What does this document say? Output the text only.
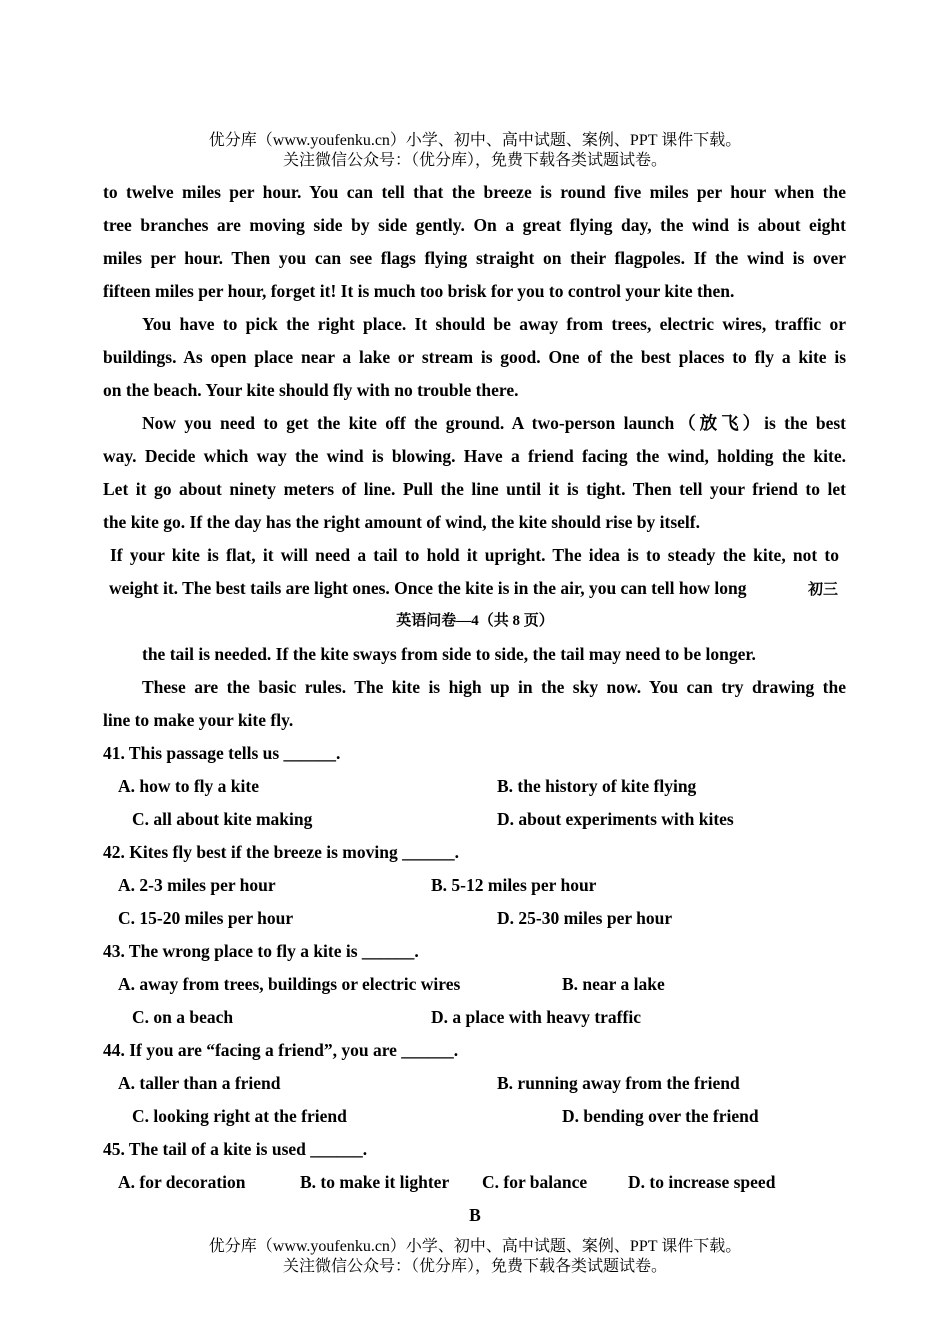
优分库（www.youfenku.cn）小学、初中、高中试题、案例、PPT 课件下载。
关注微信公众号：（优分库），免费下载各类试题试卷。
to twelve miles per hour. You can tell that the breeze is round five miles per hour when the
tree branches are moving side by side gently. On a great flying day, the wind is about eight
miles per hour. Then you can see flags flying straight on their flagpoles. If the wind is over
fifteen miles per hour, forget it! It is much too brisk for you to control your kite then.
You have to pick the right place. It should be away from trees, electric wires, traffic or
buildings. As open place near a lake or stream is good. One of the best places to fly a kite is
on the beach. Your kite should fly with no trouble there.
Now you need to get the kite off the ground. A two-person launch（放飞）is the best
way. Decide which way the wind is blowing. Have a friend facing the wind, holding the kite.
Let it go about ninety meters of line. Pull the line until it is tight. Then tell your friend to let
the kite go. If the day has the right amount of wind, the kite should rise by itself.
If your kite is flat, it will need a tail to hold it upright. The idea is to steady the kite, not to
weight it. The best tails are light ones. Once the kite is in the air, you can tell how long	初三
英语问卷—4（共 8 页）
the tail is needed. If the kite sways from side to side, the tail may need to be longer.
These are the basic rules. The kite is high up in the sky now. You can try drawing the
line to make your kite fly.
41. This passage tells us ______.
A. how to fly a kite	B. the history of kite flying
C. all about kite making	D. about experiments with kites
42. Kites fly best if the breeze is moving ______.
A. 2-3 miles per hour	B. 5-12 miles per hour
C. 15-20 miles per hour	D. 25-30 miles per hour
43. The wrong place to fly a kite is ______.
A. away from trees, buildings or electric wires	B. near a lake
C. on a beach	D. a place with heavy traffic
44. If you are “facing a friend”, you are ______.
A. taller than a friend	B. running away from the friend
C. looking right at the friend	D. bending over the friend
45. The tail of a kite is used ______.
A. for decoration	B. to make it lighter C. for balance D. to increase speed
B
优分库（www.youfenku.cn）小学、初中、高中试题、案例、PPT 课件下载。
关注微信公众号：（优分库），免费下载各类试题试卷。
